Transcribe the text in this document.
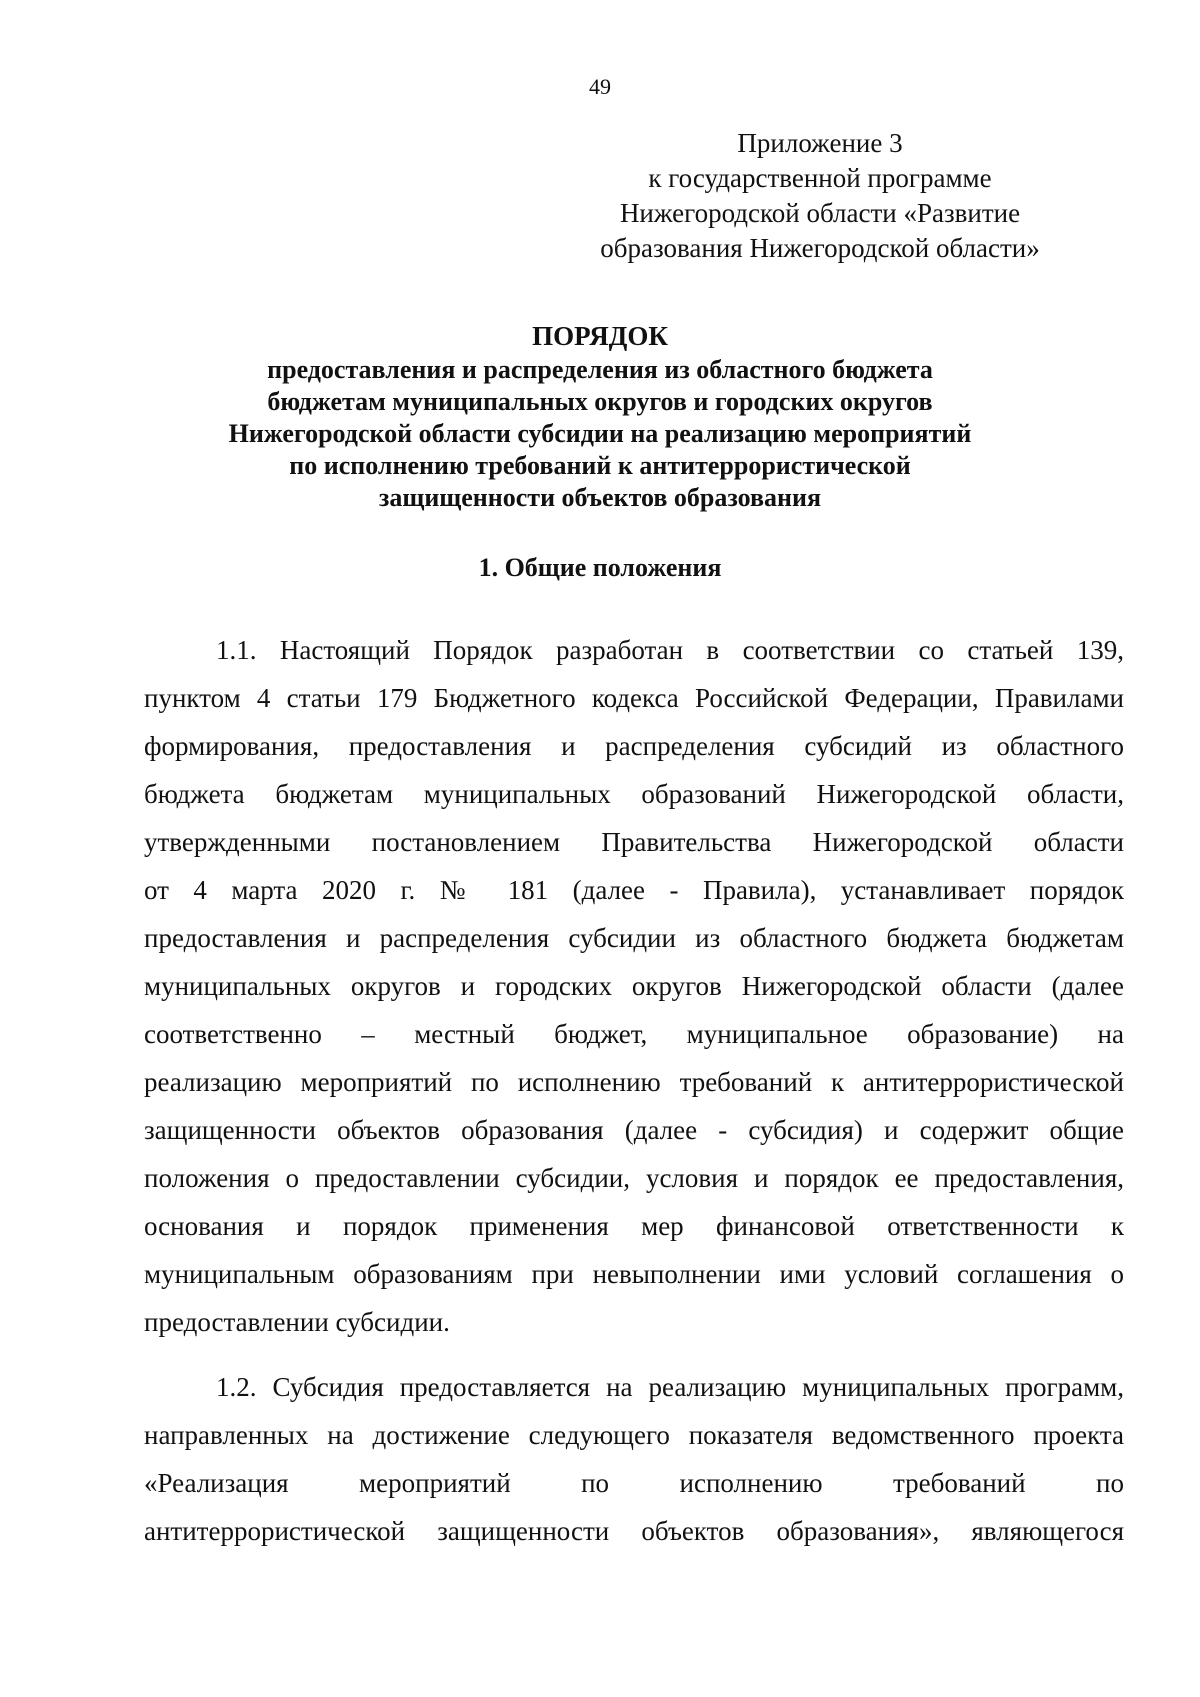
49
Приложение 3
к государственной программе
Нижегородской области «Развитие
образования Нижегородской области»
ПОРЯДОК
предоставления и распределения из областного бюджета
бюджетам муниципальных округов и городских округов
Нижегородской области субсидии на реализацию мероприятий
по исполнению требований к антитеррористической
защищенности объектов образования
1. Общие положения
1.1. Настоящий Порядок разработан в соответствии со статьей 139,
пунктом 4 статьи 179 Бюджетного кодекса Российской Федерации, Правилами
формирования, предоставления и распределения субсидий из областного
бюджета бюджетам муниципальных образований Нижегородской области,
утвержденными постановлением Правительства Нижегородской области
от 4 марта 2020 г. № 181 (далее - Правила), устанавливает порядок
предоставления и распределения субсидии из областного бюджета бюджетам
муниципальных округов и городских округов Нижегородской области (далее
соответственно – местный бюджет, муниципальное образование) на
реализацию мероприятий по исполнению требований к антитеррористической
защищенности объектов образования (далее - субсидия) и содержит общие
положения о предоставлении субсидии, условия и порядок ее предоставления,
основания и порядок применения мер финансовой ответственности к
муниципальным образованиям при невыполнении ими условий соглашения о
предоставлении субсидии.
1.2. Субсидия предоставляется на реализацию муниципальных программ,
направленных на достижение следующего показателя ведомственного проекта
«Реализация мероприятий по исполнению требований по
антитеррористической защищенности объектов образования», являющегося
